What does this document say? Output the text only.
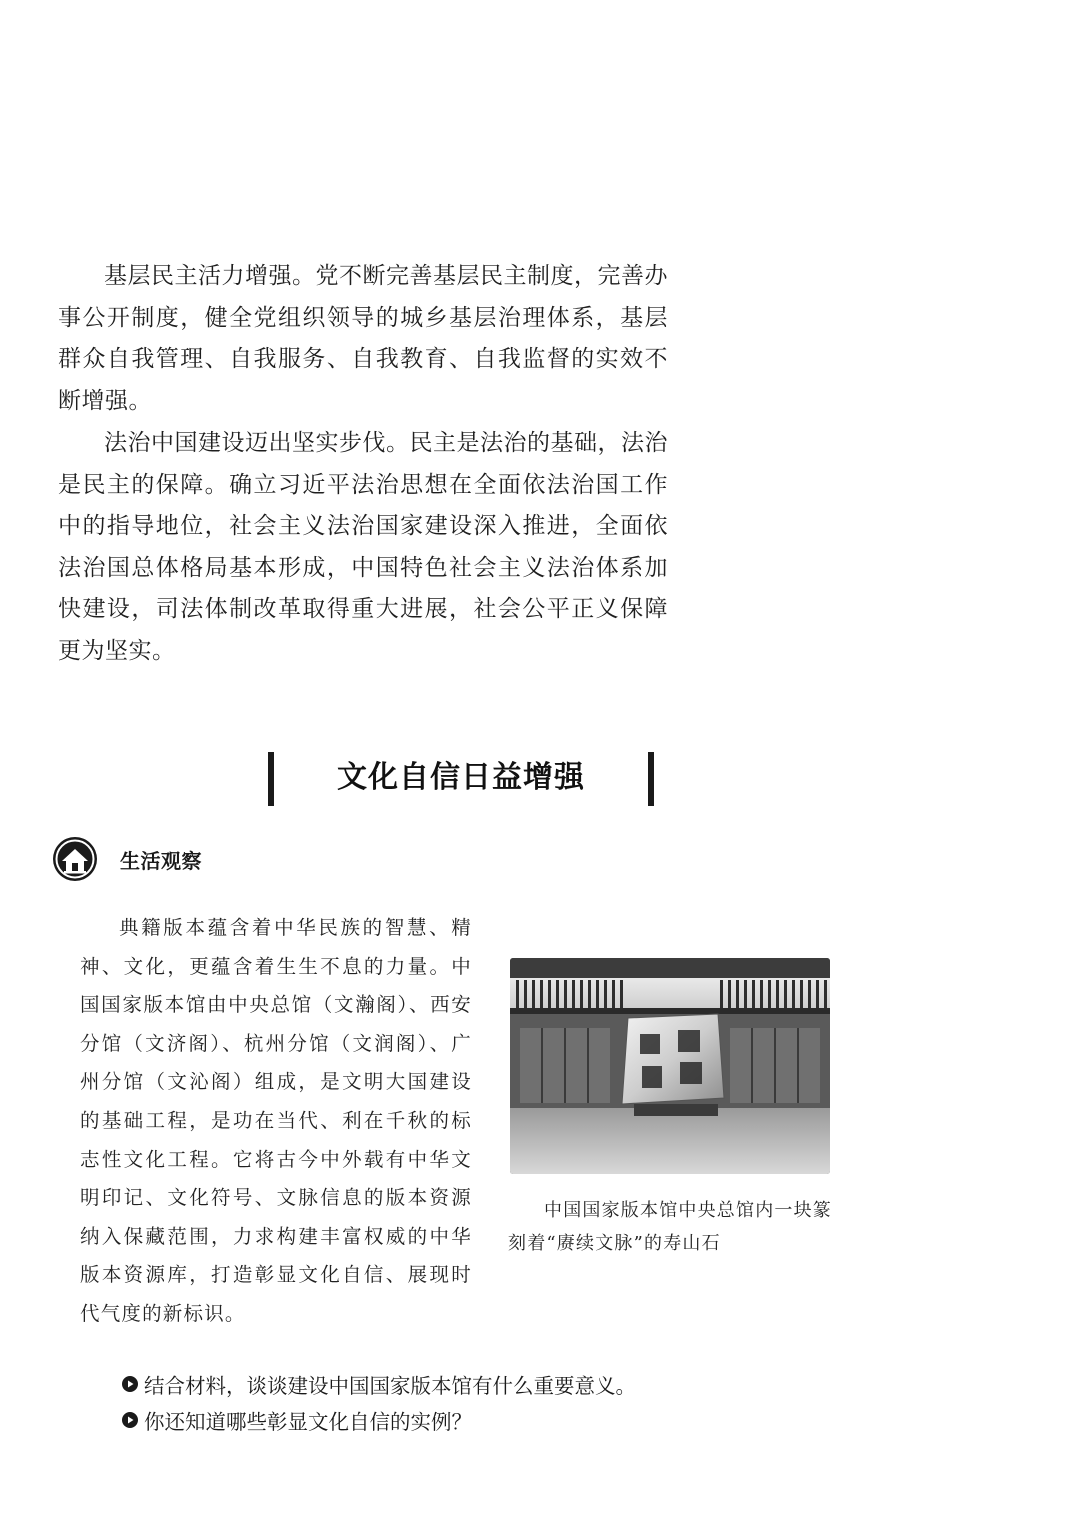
基层民主活力增强。党不断完善基层民主制度，完善办事公开制度，健全党组织领导的城乡基层治理体系，基层群众自我管理、自我服务、自我教育、自我监督的实效不断增强。

法治中国建设迈出坚实步伐。民主是法治的基础，法治是民主的保障。确立习近平法治思想在全面依法治国工作中的指导地位，社会主义法治国家建设深入推进，全面依法治国总体格局基本形成，中国特色社会主义法治体系加快建设，司法体制改革取得重大进展，社会公平正义保障更为坚实。

文化自信日益增强
生活观察

典籍版本蕴含着中华民族的智慧、精神、文化，更蕴含着生生不息的力量。中国国家版本馆由中央总馆（文瀚阁）、西安分馆（文济阁）、杭州分馆（文润阁）、广州分馆（文沁阁）组成，是文明大国建设的基础工程，是功在当代、利在千秋的标志性文化工程。它将古今中外载有中华文明印记、文化符号、文脉信息的版本资源纳入保藏范围，力求构建丰富权威的中华版本资源库，打造彰显文化自信、展现时代气度的新标识。

中国国家版本馆中央总馆内一块篆刻着“赓续文脉”的寿山石

结合材料，谈谈建设中国国家版本馆有什么重要意义。
你还知道哪些彰显文化自信的实例？
